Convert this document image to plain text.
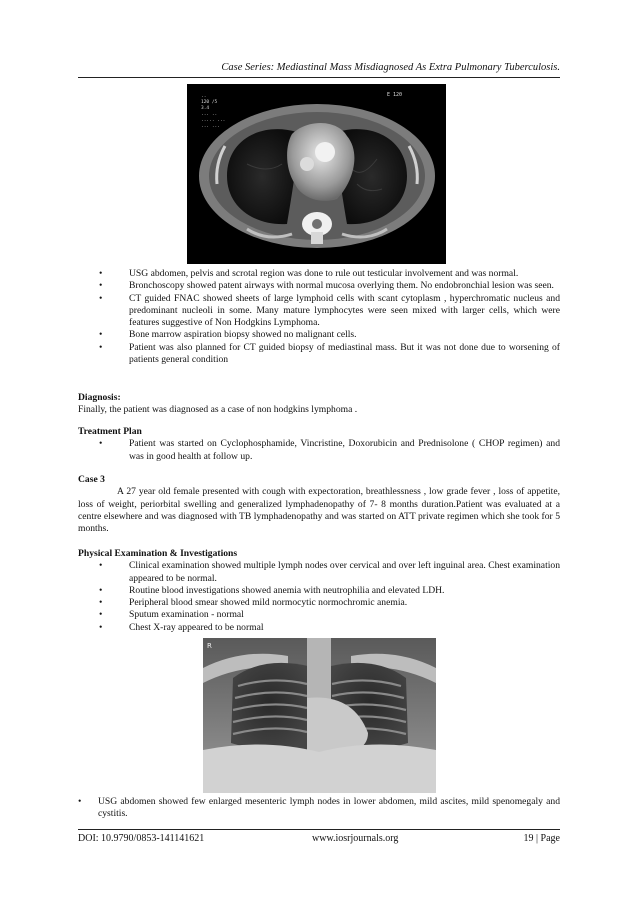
Case Series: Mediastinal Mass Misdiagnosed As Extra Pulmonary Tuberculosis.
..
120 /5
3.4
... ..
..... ...
... ...
E 120
•	USG abdomen, pelvis and scrotal region was done to rule out testicular involvement and was normal.
•	Bronchoscopy showed patent airways with normal mucosa overlying them. No endobronchial lesion was seen.
•	CT guided FNAC showed sheets of large lymphoid cells with scant cytoplasm , hyperchromatic nucleus and predominant nucleoli in some. Many mature lymphocytes were seen mixed with larger cells, which were features suggestive of Non Hodgkins Lymphoma.
•	Bone marrow aspiration biopsy showed no malignant cells.
•	Patient was also planned for CT guided biopsy of mediastinal mass. But it was not done due to worsening of patients general condition

Diagnosis:

Finally, the patient was diagnosed as a case of non hodgkins lymphoma .

Treatment Plan

•	Patient was started on Cyclophosphamide, Vincristine, Doxorubicin and Prednisolone ( CHOP regimen) and was in good health at follow up.

Case 3

A 27 year old female presented with cough with expectoration, breathlessness , low grade fever , loss of appetite, loss of weight, periorbital swelling and generalized lymphadenopathy of 7- 8 months duration.Patient was evaluated at a centre elsewhere and was diagnosed with TB lymphadenopathy and was started on ATT private regimen which she took for 5 months.

Physical Examination & Investigations

•	Clinical examination showed multiple lymph nodes over cervical and over left inguinal area. Chest examination appeared to be normal.
•	Routine blood investigations showed anemia with neutrophilia and elevated LDH.
•	Peripheral blood smear showed mild normocytic normochromic anemia.
•	Sputum examination - normal
•	Chest X-ray appeared to be normal
R
•	USG abdomen showed few enlarged mesenteric lymph nodes in lower abdomen, mild ascites, mild spenomegaly and cystitis.
DOI: 10.9790/0853-141141621	www.iosrjournals.org	19 | Page
